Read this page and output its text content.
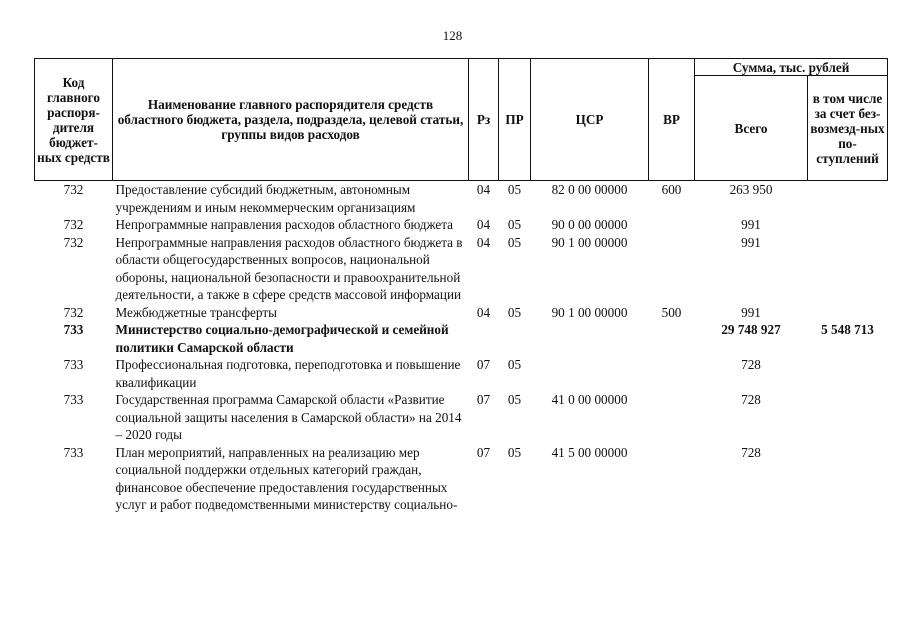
128
Код главного распоря-дителя бюджет-ных средств	Наименование главного распорядителя средств областного бюджета, раздела, подраздела, целевой статьи, группы видов расходов	Рз	ПР	ЦСР	ВР	Сумма, тыс. рублей	
						Всего	в том числе за счет без-возмезд-ных по-ступлений
732	Предоставление субсидий бюджетным, автономным учреждениям и иным некоммерческим организациям	04	05	82 0 00 00000	600	263 950	
732	Непрограммные направления расходов областного бюджета	04	05	90 0 00 00000		991	
732	Непрограммные направления расходов областного бюджета в области общегосударственных вопросов, национальной обороны, национальной безопасности и правоохранительной деятельности, а также в сфере средств массовой информации	04	05	90 1 00 00000		991	
732	Межбюджетные трансферты	04	05	90 1 00 00000	500	991	
733	Министерство социально-демографической и семейной политики Самарской области					29 748 927	5 548 713
733	Профессиональная подготовка, переподготовка и повышение квалификации	07	05			728	
733	Государственная программа Самарской области «Развитие социальной защиты населения в Самарской области» на 2014 – 2020 годы	07	05	41 0 00 00000		728	
733	План мероприятий, направленных на реализацию мер социальной поддержки отдельных категорий граждан, финансовое обеспечение предоставления государственных услуг и работ подведомственными министерству социально-	07	05	41 5 00 00000		728	
